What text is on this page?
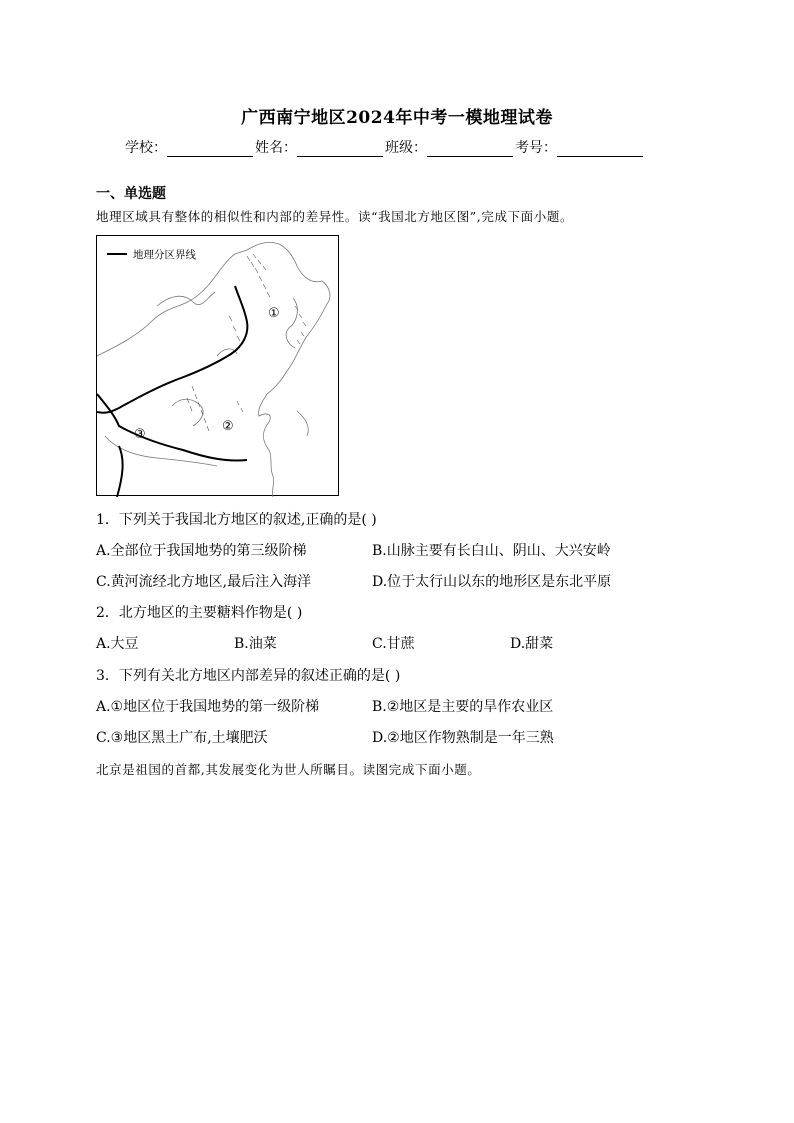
广西南宁地区2024年中考一模地理试卷
学校：	姓名：	班级：	考号：
一、单选题
地理区域具有整体的相似性和内部的差异性。读“我国北方地区图”,完成下面小题。
地理分区界线
①
②
③
1．下列关于我国北方地区的叙述,正确的是( )
A.全部位于我国地势的第三级阶梯	B.山脉主要有长白山、阴山、大兴安岭
C.黄河流经北方地区,最后注入海洋	D.位于太行山以东的地形区是东北平原
2．北方地区的主要糖料作物是( )
A.大豆	B.油菜	C.甘蔗	D.甜菜
3．下列有关北方地区内部差异的叙述正确的是( )
A.①地区位于我国地势的第一级阶梯	B.②地区是主要的旱作农业区
C.③地区黑土广布,土壤肥沃	D.②地区作物熟制是一年三熟
北京是祖国的首都,其发展变化为世人所瞩目。读图完成下面小题。
